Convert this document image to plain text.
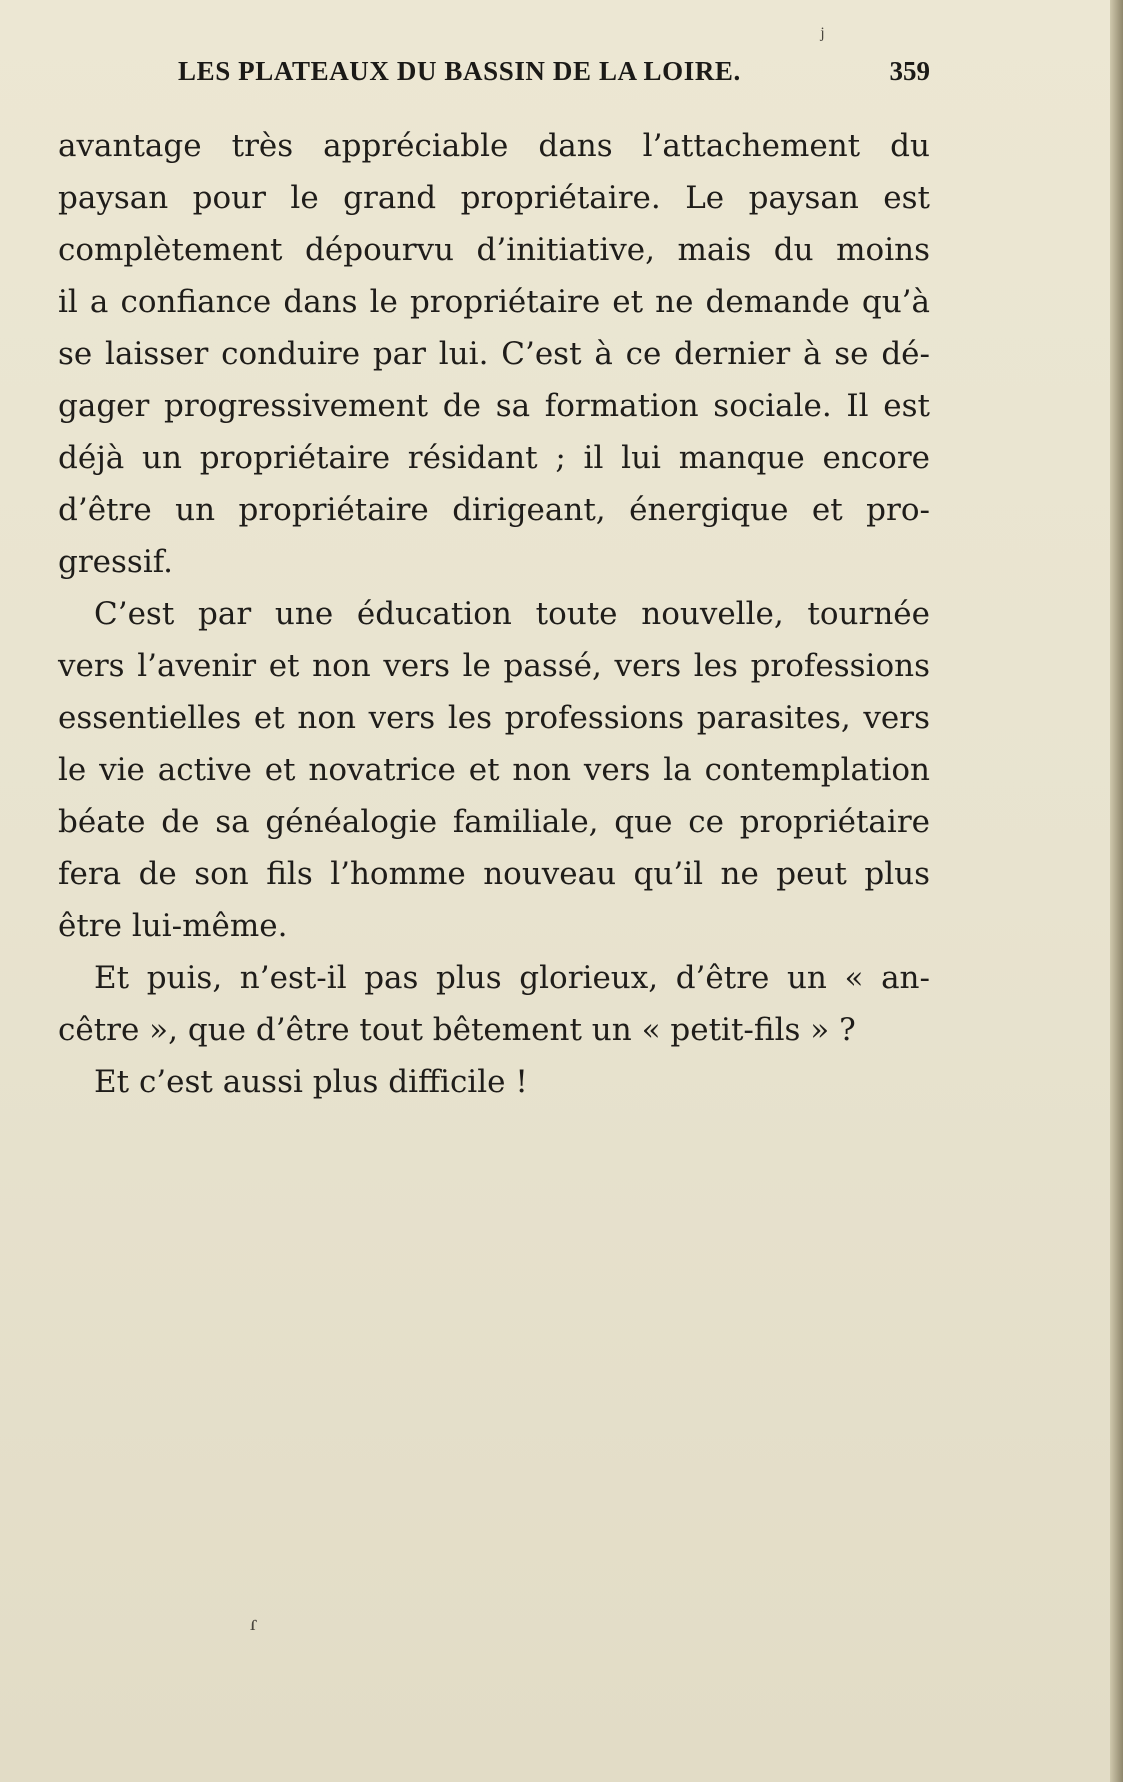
LES PLATEAUX DU BASSIN DE LA LOIRE.	359
avantage très appréciable dans l’attachement du
paysan pour le grand propriétaire. Le paysan est
complètement dépourvu d’initiative, mais du moins
il a confiance dans le propriétaire et ne demande qu’à
se laisser conduire par lui. C’est à ce dernier à se dé-
gager progressivement de sa formation sociale. Il est
déjà un propriétaire résidant ; il lui manque encore
d’être un propriétaire dirigeant, énergique et pro-
gressif.
C’est par une éducation toute nouvelle, tournée
vers l’avenir et non vers le passé, vers les professions
essentielles et non vers les professions parasites, vers
le vie active et novatrice et non vers la contemplation
béate de sa généalogie familiale, que ce propriétaire
fera de son fils l’homme nouveau qu’il ne peut plus
être lui-même.
Et puis, n’est-il pas plus glorieux, d’être un « an-
cêtre », que d’être tout bêtement un « petit-fils » ?
Et c’est aussi plus difficile !
ʲ
ɾ
